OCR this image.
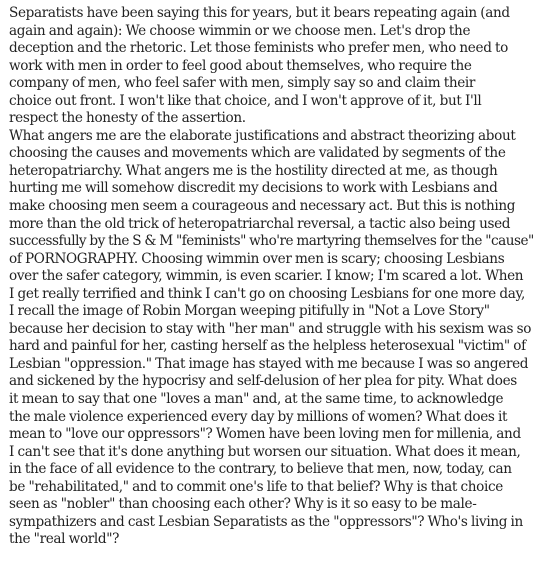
Separatists have been saying this for years, but it bears repeating again (and
again and again): We choose wimmin or we choose men. Let's drop the
deception and the rhetoric. Let those feminists who prefer men, who need to
work with men in order to feel good about themselves, who require the
company of men, who feel safer with men, simply say so and claim their
choice out front. I won't like that choice, and I won't approve of it, but I'll
respect the honesty of the assertion.

What angers me are the elaborate justifications and abstract theorizing about
choosing the causes and movements which are validated by segments of the
heteropatriarchy. What angers me is the hostility directed at me, as though
hurting me will somehow discredit my decisions to work with Lesbians and
make choosing men seem a courageous and necessary act. But this is nothing
more than the old trick of heteropatriarchal reversal, a tactic also being used
successfully by the S & M "feminists" who're martyring themselves for the "cause"
of PORNOGRAPHY. Choosing wimmin over men is scary; choosing Lesbians
over the safer category, wimmin, is even scarier. I know; I'm scared a lot. When
I get really terrified and think I can't go on choosing Lesbians for one more day,
I recall the image of Robin Morgan weeping pitifully in "Not a Love Story"
because her decision to stay with "her man" and struggle with his sexism was so
hard and painful for her, casting herself as the helpless heterosexual "victim" of
Lesbian "oppression." That image has stayed with me because I was so angered
and sickened by the hypocrisy and self-delusion of her plea for pity. What does
it mean to say that one "loves a man" and, at the same time, to acknowledge
the male violence experienced every day by millions of women? What does it
mean to "love our oppressors"? Women have been loving men for millenia, and
I can't see that it's done anything but worsen our situation. What does it mean,
in the face of all evidence to the contrary, to believe that men, now, today, can
be "rehabilitated," and to commit one's life to that belief? Why is that choice
seen as "nobler" than choosing each other? Why is it so easy to be male-
sympathizers and cast Lesbian Separatists as the "oppressors"? Who's living in
the "real world"?
